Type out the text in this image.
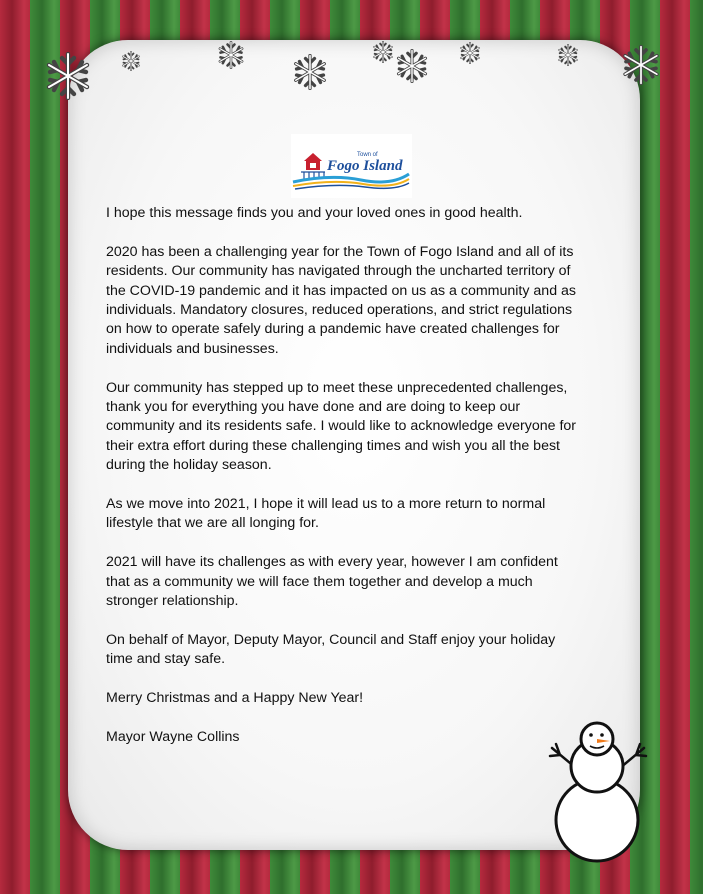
Town of
Fogo Island

I hope this message finds you and your loved ones in good health.

2020 has been a challenging year for the Town of Fogo Island and all of its residents. Our community has navigated through the uncharted territory of the COVID-19 pandemic and it has impacted on us as a community and as individuals. Mandatory closures, reduced operations, and strict regulations on how to operate safely during a pandemic have created challenges for individuals and businesses.

Our community has stepped up to meet these unprecedented challenges, thank you for everything you have done and are doing to keep our community and its residents safe. I would like to acknowledge everyone for their extra effort during these challenging times and wish you all the best during the holiday season.

As we move into 2021, I hope it will lead us to a more return to normal lifestyle that we are all longing for.

2021 will have its challenges as with every year, however I am confident that as a community we will face them together and develop a much stronger relationship.

On behalf of Mayor, Deputy Mayor, Council and Staff enjoy your holiday time and stay safe.

Merry Christmas and a Happy New Year!

Mayor Wayne Collins
